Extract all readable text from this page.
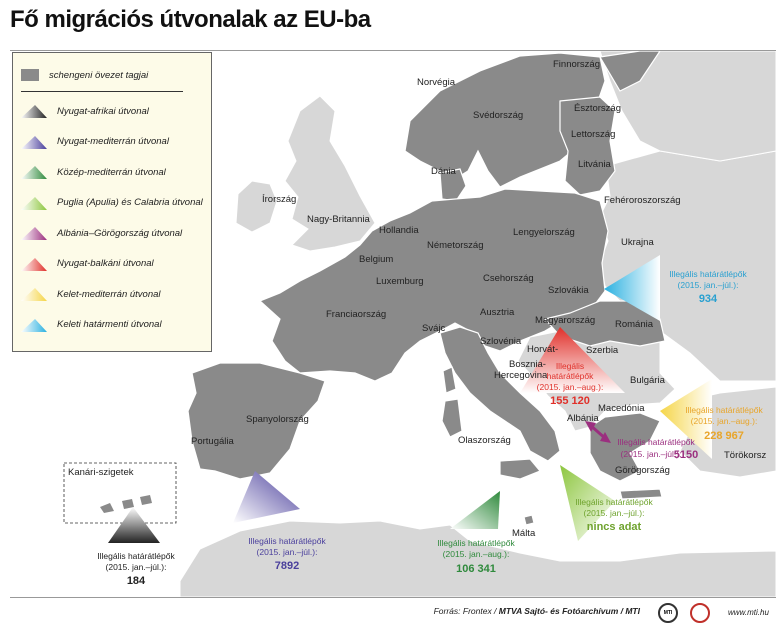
Fő migrációs útvonalak az EU-ba
Finnország
Norvégia
Svédország
Észtország
Lettország
Litvánia
Dánia
Írország
Nagy-Britannia
Fehéroroszország
Hollandia
Németország
Lengyelország
Belgium
Luxemburg
Ukrajna
Csehország
Szlovákia
Franciaország	Ausztria
Svájc
Magyarország Románia
Szlovénia
Horvát-
Bosznia-
Hercegovina
Szerbia
Bulgária
Macedónia
Albánia
Spanyolország
Portugália	Olaszország
Görögország
Törökorsz
Málta
Kanári-szigetek
Illegális határátlépők
(2015. jan.–júl.):
184
Illegális határátlépők
(2015. jan.–júl.):
7892
Illegális határátlépők
(2015. jan.–aug.):
106 341
Illegális határátlépők
(2015. jan.–júl.):
nincs adat
Illegális határátlépők
(2015. jan.–júl.):
5150
Illegális
határátlépők
(2015. jan.–aug.):
155 120
Illegális határátlépők
(2015. jan.–aug.):
228 967
Illegális határátlépők
(2015. jan.–júl.):
934
schengeni övezet tagjai
Nyugat-afrikai útvonal
Nyugat-mediterrán útvonal
Közép-mediterrán útvonal
Puglia (Apulia) és Calabria útvonal
Albánia–Görögország útvonal
Nyugat-balkáni útvonal
Kelet-mediterrán útvonal
Keleti határmenti útvonal
Forrás: Frontex / MTVA Sajtó- és Fotóarchívum / MTI	MTI	www.mti.hu
